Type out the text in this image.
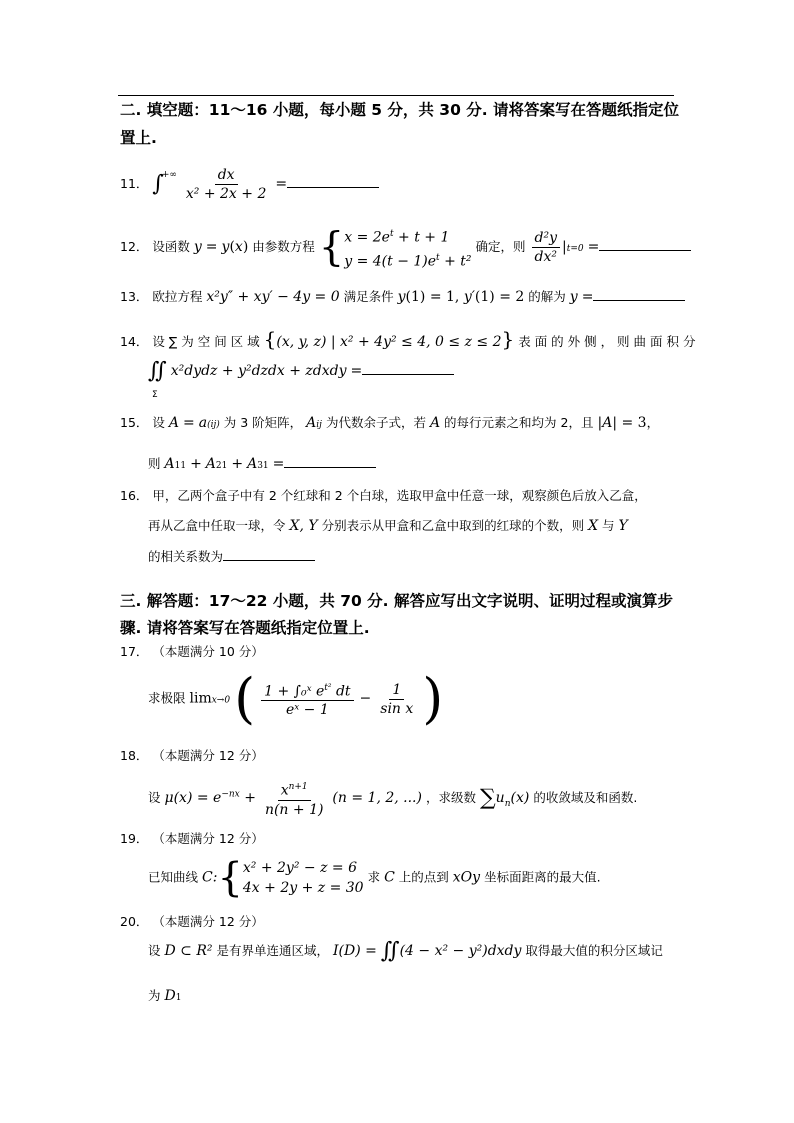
二. 填空题：11～16 小题，每小题 5 分，共 30 分. 请将答案写在答题纸指定位
置上.
11． $\int^{+\infty} \frac{dx}{\text{x² + 2x + 2}}$ =
12． 设函数 y = y(x) 由参数方程 { $x = 2e^t + t + 1$
$y = 4(t - 1)e^t + t^2$
确定，则 $\frac{\text{d²y}}{\text{dx²}} |t=0$ =
13． 欧拉方程 x²y″ + xy′ − 4y = 0 满足条件 y(1) = 1, y′(1) = 2 的解为 y =
14． 设 ∑ 为 空 间 区 域 {(x, y, z) | x² + 4y² ≤ 4, 0 ≤ z ≤ 2} 表 面 的 外 侧 ， 则 曲 面 积 分
∬ x²dydz + y²dzdx + zdxdy =
Σ
15． 设 A = a(ij) 为 3 阶矩阵， Aij 为代数余子式，若 A 的每行元素之和均为 2，且 |A| = 3，
则 A11 + A21 + A31 =
16． 甲，乙两个盒子中有 2 个红球和 2 个白球，选取甲盒中任意一球，观察颜色后放入乙盒，
再从乙盒中任取一球，令 X, Y 分别表示从甲盒和乙盒中取到的红球的个数，则 X 与 Y
的相关系数为
三. 解答题：17～22 小题，共 70 分. 解答应写出文字说明、证明过程或演算步
骤. 请将答案写在答题纸指定位置上.
17． （本题满分 10 分）
求极限 limx→0 ( $\frac{1 + \int_0ˣ e^{t^2} dt}{\text{eˣ − 1}} - \frac{1}{\text{sin x}}$ )
18． （本题满分 12 分）
设 $\mu(x) = e^{-nx} + \frac{x^{n+1}}{n(n + 1)} (n = 1$, 2, ...) ，求级数 $\sum u_n(x)$ 的收敛域及和函数.
19． （本题满分 12 分）
已知曲线 C:{ x² + 2y² − z = 6
4x + 2y + z = 30
求 C 上的点到 xOy 坐标面距离的最大值.
20． （本题满分 12 分）
设 D ⊂ R² 是有界单连通区域， I(D) = ∬(4 − x² − y²)dxdy 取得最大值的积分区域记
为 D1
